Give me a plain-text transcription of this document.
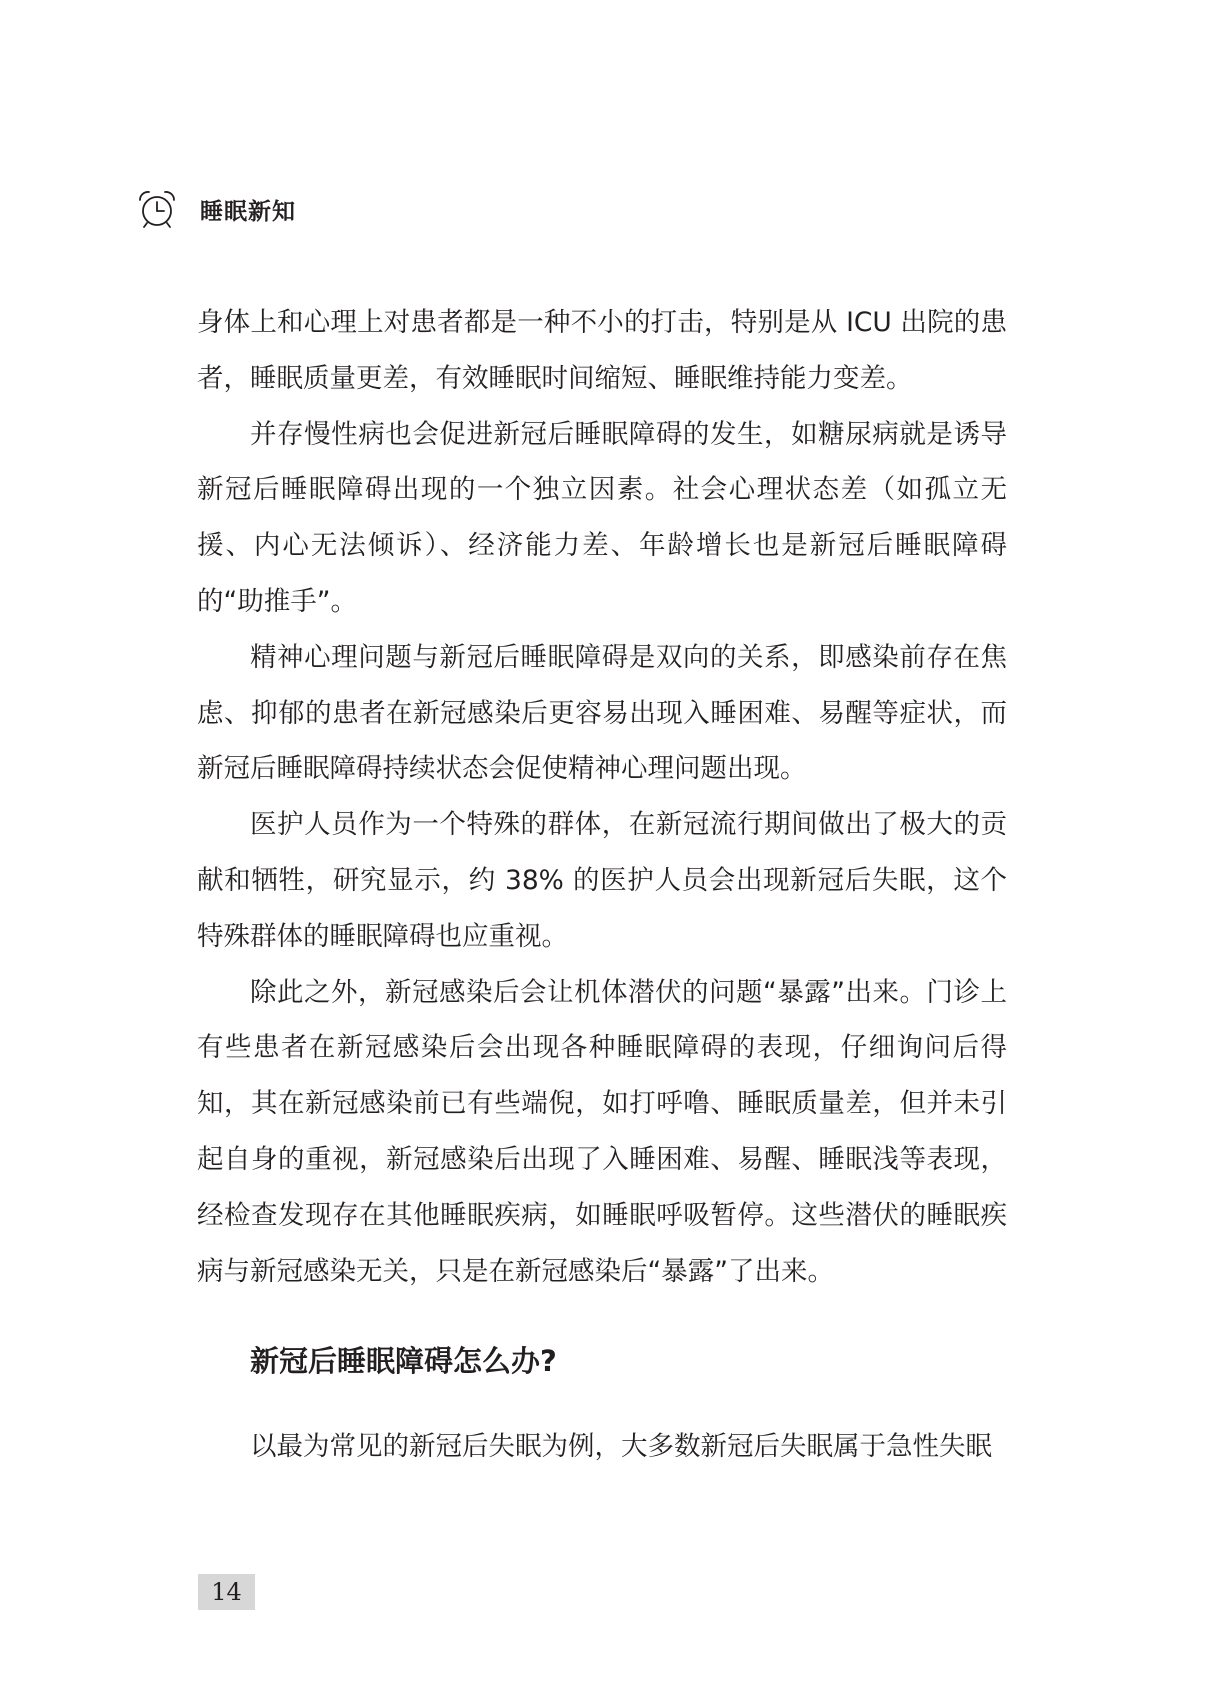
睡眠新知

身体上和心理上对患者都是一种不小的打击，特别是从 ICU 出院的患者，睡眠质量更差，有效睡眠时间缩短、睡眠维持能力变差。

并存慢性病也会促进新冠后睡眠障碍的发生，如糖尿病就是诱导新冠后睡眠障碍出现的一个独立因素。社会心理状态差（如孤立无援、内心无法倾诉）、经济能力差、年龄增长也是新冠后睡眠障碍的“助推手”。

精神心理问题与新冠后睡眠障碍是双向的关系，即感染前存在焦虑、抑郁的患者在新冠感染后更容易出现入睡困难、易醒等症状，而新冠后睡眠障碍持续状态会促使精神心理问题出现。

医护人员作为一个特殊的群体，在新冠流行期间做出了极大的贡献和牺牲，研究显示，约 38% 的医护人员会出现新冠后失眠，这个特殊群体的睡眠障碍也应重视。

除此之外，新冠感染后会让机体潜伏的问题“暴露”出来。门诊上有些患者在新冠感染后会出现各种睡眠障碍的表现，仔细询问后得知，其在新冠感染前已有些端倪，如打呼噜、睡眠质量差，但并未引起自身的重视，新冠感染后出现了入睡困难、易醒、睡眠浅等表现，经检查发现存在其他睡眠疾病，如睡眠呼吸暂停。这些潜伏的睡眠疾病与新冠感染无关，只是在新冠感染后“暴露”了出来。

新冠后睡眠障碍怎么办?

以最为常见的新冠后失眠为例，大多数新冠后失眠属于急性失眠

14
